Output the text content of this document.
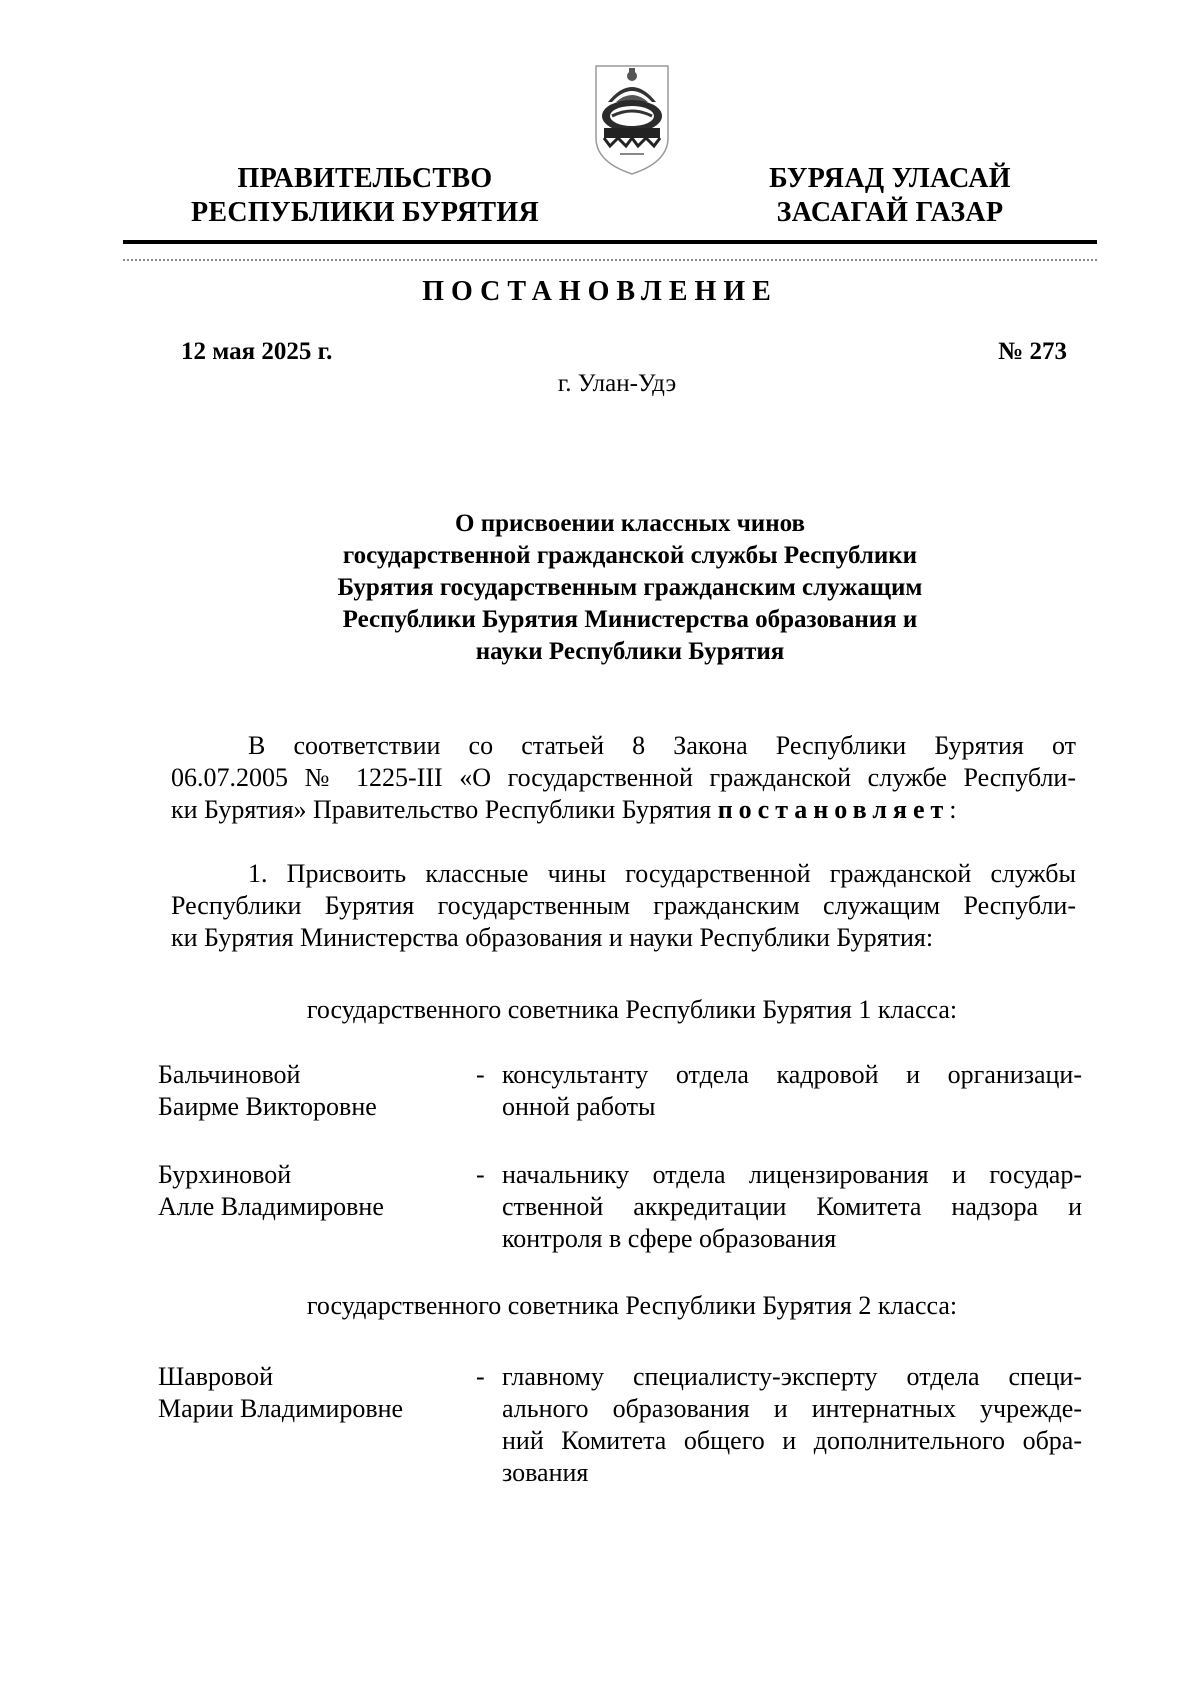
ПРАВИТЕЛЬСТВО
РЕСПУБЛИКИ БУРЯТИЯ
БУРЯАД УЛАСАЙ
ЗАСАГАЙ ГАЗАР
ПОСТАНОВЛЕНИЕ
12 мая 2025 г.	№ 273
г. Улан-Удэ
О присвоении классных чинов
государственной гражданской службы Республики
Бурятия государственным гражданским служащим
Республики Бурятия Министерства образования и
науки Республики Бурятия
В соответствии со статьей 8 Закона Республики Бурятия от
06.07.2005 № 1225-III «О государственной гражданской службе Республи-
ки Бурятия» Правительство Республики Бурятия постановляет:
1. Присвоить классные чины государственной гражданской службы
Республики Бурятия государственным гражданским служащим Республи-
ки Бурятия Министерства образования и науки Республики Бурятия:
государственного советника Республики Бурятия 1 класса:
Бальчиновой
Баирме Викторовне
- консультанту отдела кадровой и организаци-
онной работы
Бурхиновой
Алле Владимировне
- начальнику отдела лицензирования и государ-
ственной аккредитации Комитета надзора и
контроля в сфере образования
государственного советника Республики Бурятия 2 класса:
Шавровой
Марии Владимировне
- главному специалисту-эксперту отдела специ-
ального образования и интернатных учрежде-
ний Комитета общего и дополнительного обра-
зования
